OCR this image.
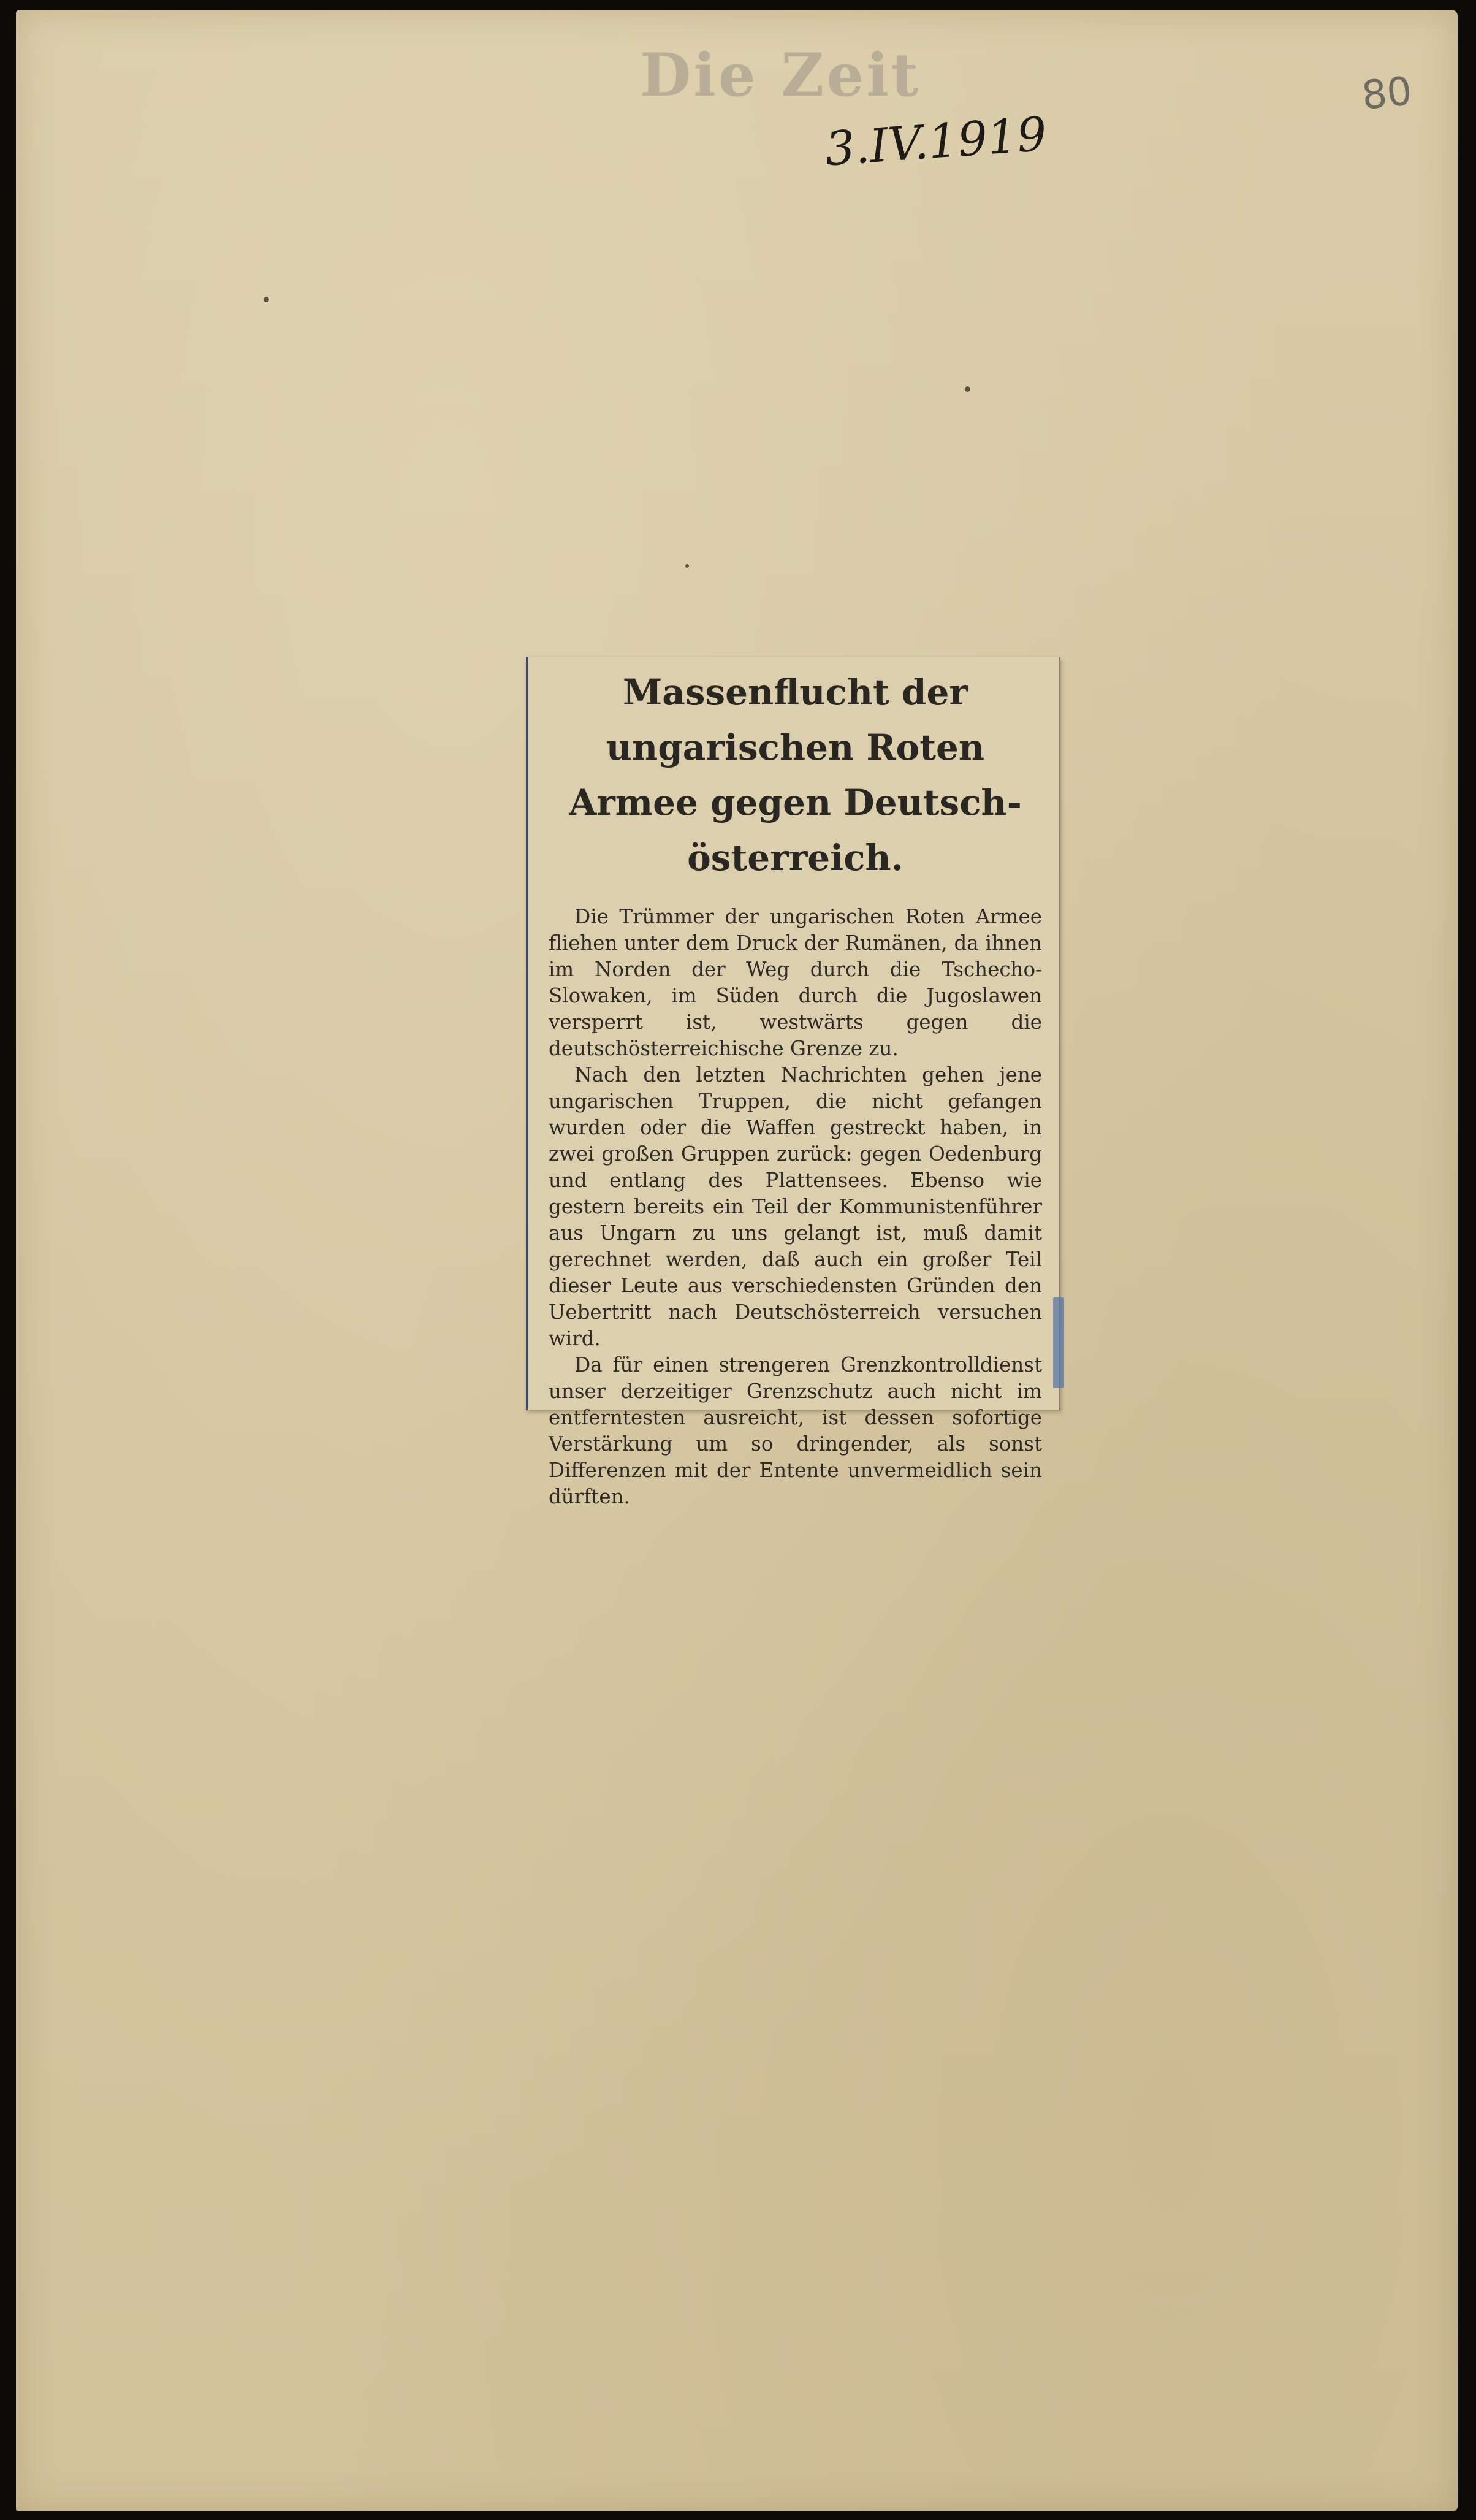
Die Zeit

3.IV.1919

80

Massenflucht der ungarischen Roten Armee gegen Deutsch-österreich.

Die Trümmer der ungarischen Roten Armee fliehen unter dem Druck der Rumänen, da ihnen im Norden der Weg durch die Tschecho-Slowaken, im Süden durch die Jugoslawen versperrt ist, westwärts gegen die deutschösterreichische Grenze zu.

Nach den letzten Nachrichten gehen jene ungarischen Truppen, die nicht gefangen wurden oder die Waffen gestreckt haben, in zwei großen Gruppen zurück: gegen Oedenburg und entlang des Plattensees. Ebenso wie gestern bereits ein Teil der Kommunistenführer aus Ungarn zu uns gelangt ist, muß damit gerechnet werden, daß auch ein großer Teil dieser Leute aus verschiedensten Gründen den Uebertritt nach Deutschösterreich versuchen wird.

Da für einen strengeren Grenzkontrolldienst unser derzeitiger Grenzschutz auch nicht im entferntesten ausreicht, ist dessen sofortige Verstärkung um so dringender, als sonst Differenzen mit der Entente unvermeidlich sein dürften.
